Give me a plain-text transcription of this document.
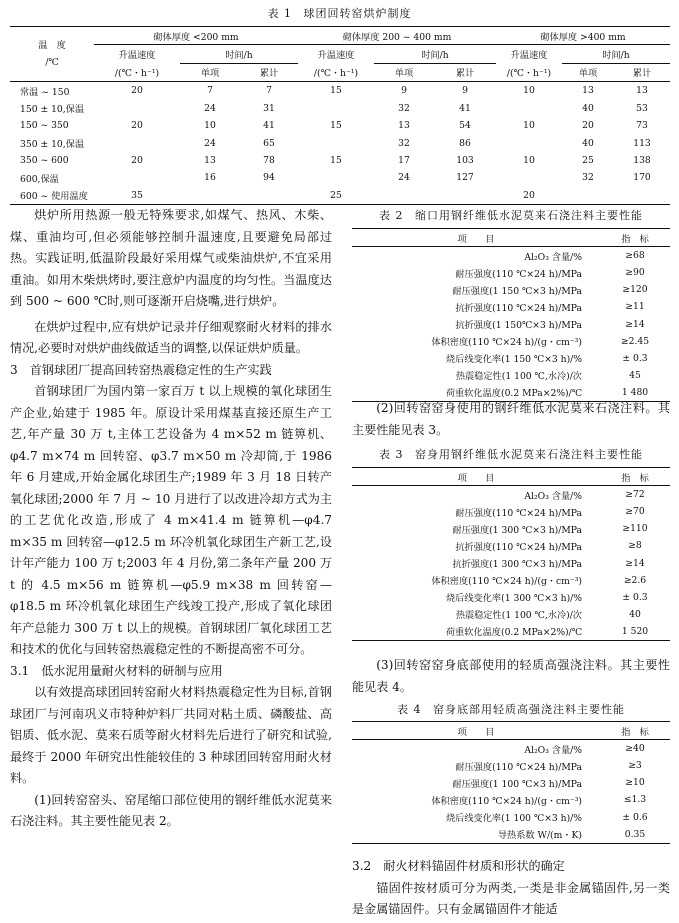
表 1 球团回转窑烘炉制度
温　度
/℃	砌体厚度 <200 mm			砌体厚度 200 ~ 400 mm			砌体厚度 >400 mm		
	升温速度	时间/h		升温速度	时间/h		升温速度	时间/h	
	/(℃・h⁻¹)	单项	累计	/(℃・h⁻¹)	单项	累计	/(℃・h⁻¹)	单项	累计
常温 ~ 150	20	7	7	15	9	9	10	13	13
150 ± 10,保温		24	31		32	41		40	53
150 ~ 350	20	10	41	15	13	54	10	20	73
350 ± 10,保温		24	65		32	86		40	113
350 ~ 600	20	13	78	15	17	103	10	25	138
600,保温		16	94		24	127		32	170
600 ~ 使用温度	35			25			20		

烘炉所用热源一般无特殊要求,如煤气、热风、木柴、煤、重油均可,但必须能够控制升温速度,且要避免局部过热。实践证明,低温阶段最好采用煤气或柴油烘炉,不宜采用重油。如用木柴烘烤时,要注意炉内温度的均匀性。当温度达到 500 ~ 600 ℃时,则可逐渐开启烧嘴,进行烘炉。

在烘炉过程中,应有烘炉记录并仔细观察耐火材料的排水情况,必要时对烘炉曲线做适当的调整,以保证烘炉质量。

3　首钢球团厂提高回转窑热震稳定性的生产实践

首钢球团厂为国内第一家百万 t 以上规模的氧化球团生产企业,始建于 1985 年。原设计采用煤基直接还原生产工艺,年产量 30 万 t,主体工艺设备为 4 m×52 m 链箅机、φ4.7 m×74 m 回转窑、φ3.7 m×50 m 冷却筒,于 1986 年 6 月建成,开始金属化球团生产;1989 年 3 月 18 日转产氧化球团;2000 年 7 月 ~ 10 月进行了以改进冷却方式为主的工艺优化改造,形成了 4 m×41.4 m 链箅机—φ4.7 m×35 m 回转窑—φ12.5 m 环冷机氧化球团生产新工艺,设计年产能力 100 万 t;2003 年 4 月份,第二条年产量 200 万 t 的 4.5 m×56 m 链箅机—φ5.9 m×38 m 回转窑—φ18.5 m 环冷机氧化球团生产线竣工投产,形成了氧化球团年产总能力 300 万 t 以上的规模。首钢球团厂氧化球团工艺和技术的优化与回转窑热震稳定性的不断提高密不可分。

3.1　低水泥用量耐火材料的研制与应用

以有效提高球团回转窑耐火材料热震稳定性为目标,首钢球团厂与河南巩义市特种炉料厂共同对粘土质、磷酸盐、高铝质、低水泥、莫来石质等耐火材料先后进行了研究和试验,最终于 2000 年研究出性能较佳的 3 种球团回转窑用耐火材料。

(1)回转窑窑头、窑尾缩口部位使用的钢纤维低水泥莫来石浇注料。其主要性能见表 2。

表 2 缩口用钢纤维低水泥莫来石浇注料主要性能
项　　目	指　标
Al₂O₃ 含量/%	≥68
耐压强度(110 ℃×24 h)/MPa	≥90
耐压强度(1 150 ℃×3 h)/MPa	≥120
抗折强度(110 ℃×24 h)/MPa	≥11
抗折强度(1 150℃×3 h)/MPa	≥14
体积密度(110 ℃×24 h)/(g・cm⁻³)	≥2.45
烧后线变化率(1 150 ℃×3 h)/%	± 0.3
热震稳定性(1 100 ℃,水冷)/次	45
荷重软化温度(0.2 MPa×2%)/℃	1 480

(2)回转窑窑身使用的钢纤维低水泥莫来石浇注料。其主要性能见表 3。

表 3 窑身用钢纤维低水泥莫来石浇注料主要性能
项　　目	指　标
Al₂O₃ 含量/%	≥72
耐压强度(110 ℃×24 h)/MPa	≥70
耐压强度(1 300 ℃×3 h)/MPa	≥110
抗折强度(110 ℃×24 h)/MPa	≥8
抗折强度(1 300 ℃×3 h)/MPa	≥14
体积密度(110 ℃×24 h)/(g・cm⁻³)	≥2.6
烧后线变化率(1 300 ℃×3 h)/%	± 0.3
热震稳定性(1 100 ℃,水冷)/次	40
荷重软化温度(0.2 MPa×2%)/℃	1 520

(3)回转窑窑身底部使用的轻质高强浇注料。其主要性能见表 4。

表 4 窑身底部用轻质高强浇注料主要性能
项　　目	指　标
Al₂O₃ 含量/%	≥40
耐压强度(110 ℃×24 h)/MPa	≥3
耐压强度(1 100 ℃×3 h)/MPa	≥10
体积密度(110 ℃×24 h)/(g・cm⁻³)	≤1.3
烧后线变化率(1 100 ℃×3 h)/%	± 0.6
导热系数 W/(m・K)	0.35

3.2　耐火材料锚固件材质和形状的确定

锚固件按材质可分为两类,一类是非金属锚固件,另一类是金属锚固件。只有金属锚固件才能适
